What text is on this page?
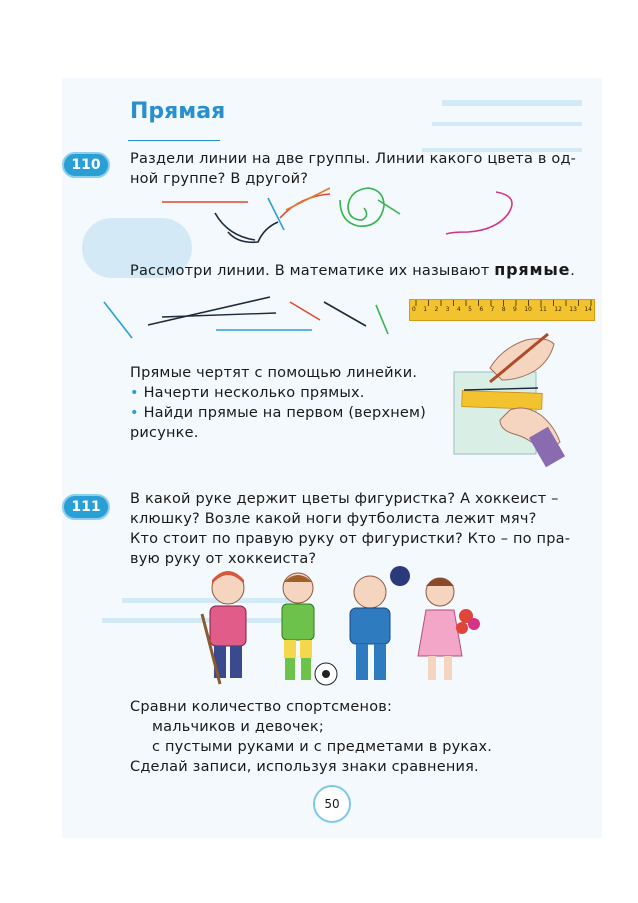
Прямая
110	Раздели линии на две группы. Линии какого цвета в од-

ной группе? В другой?

Рассмотри линии. В математике их называют прямые.
0 1 2 3 4 5 6 7 8 9 10 11 12 13 14

Прямые чертят с помощью линейки.

• Начерти несколько прямых.

• Найди прямые на первом (верхнем)

рисунке.

111	В какой руке держит цветы фигуристка? А хоккеист –

клюшку? Возле какой ноги футболиста лежит мяч?

Кто стоит по правую руку от фигуристки? Кто – по пра-

вую руку от хоккеиста?

Сравни количество спортсменов:

мальчиков и девочек;

с пустыми руками и с предметами в руках.

Сделай записи, используя знаки сравнения.

50
